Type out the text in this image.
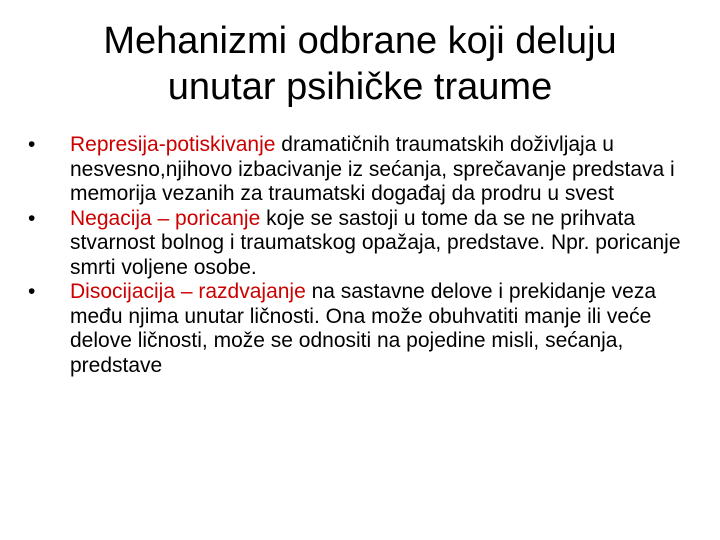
Mehanizmi odbrane koji deluju
unutar psihičke traume
• Represija-potiskivanje dramatičnih traumatskih doživljaja u nesvesno,njihovo izbacivanje iz sećanja, sprečavanje predstava i memorija vezanih za traumatski događaj da prodru u svest
• Negacija – poricanje koje se sastoji u tome da se ne prihvata stvarnost bolnog i traumatskog opažaja, predstave. Npr. poricanje smrti voljene osobe.
• Disocijacija – razdvajanje na sastavne delove i prekidanje veza među njima unutar ličnosti. Ona može obuhvatiti manje ili veće delove ličnosti, može se odnositi na pojedine misli, sećanja, predstave
